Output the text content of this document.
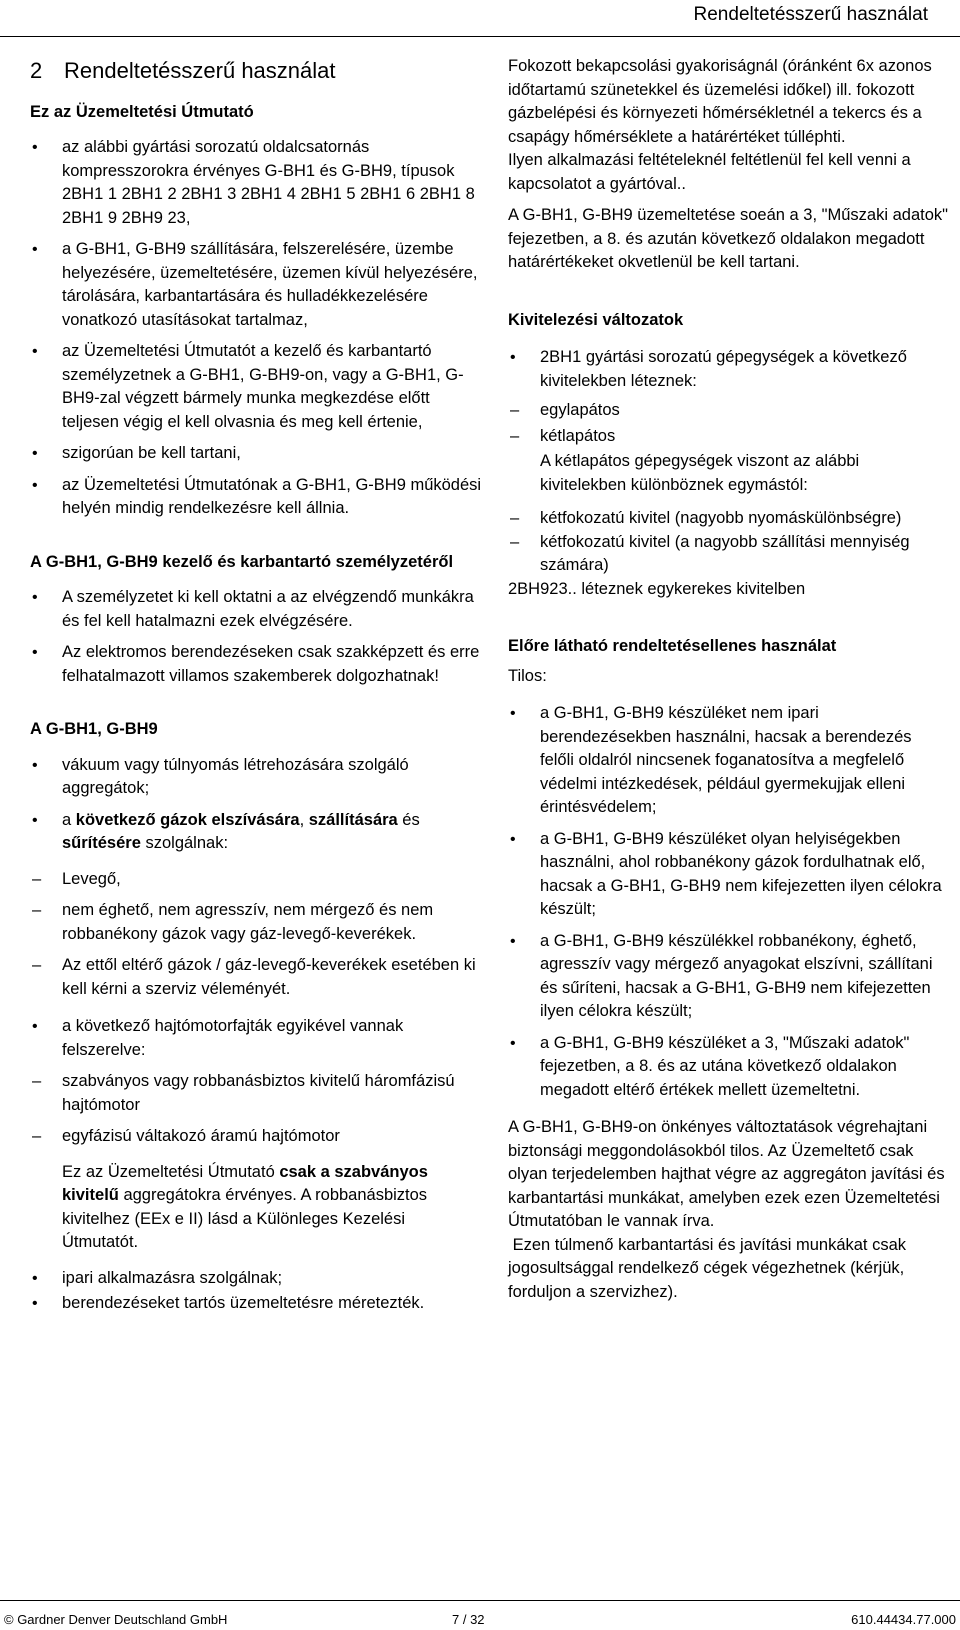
Rendeltetésszerű használat
2 Rendeltetésszerű használat
Ez az Üzemeltetési Útmutató
• az alábbi gyártási sorozatú oldalcsatornás kompresszorokra érvényes G-BH1 és G-BH9, típusok 2BH1 1 2BH1 2 2BH1 3 2BH1 4 2BH1 5 2BH1 6 2BH1 8 2BH1 9 2BH9 23,
• a G-BH1, G-BH9 szállítására, felszerelésére, üzembe helyezésére, üzemeltetésére, üzemen kívül helyezésére, tárolására, karbantartására és hulladékkezelésére vonatkozó utasításokat tartalmaz,
• az Üzemeltetési Útmutatót a kezelő és karbantartó személyzetnek a G-BH1, G-BH9-on, vagy a G-BH1, G-BH9-zal végzett bármely munka megkezdése előtt teljesen végig el kell olvasnia és meg kell értenie,
• szigorúan be kell tartani,
• az Üzemeltetési Útmutatónak a G-BH1, G-BH9 működési helyén mindig rendelkezésre kell állnia.
A G-BH1, G-BH9 kezelő és karbantartó személyzetéről
• A személyzetet ki kell oktatni a az elvégzendő munkákra és fel kell hatalmazni ezek elvégzésére.
• Az elektromos berendezéseken csak szakképzett és erre felhatalmazott villamos szakemberek dolgozhatnak!
A G-BH1, G-BH9
• vákuum vagy túlnyomás létrehozására szolgáló aggregátok;
• a következő gázok elszívására, szállítására és sűrítésére szolgálnak:
– Levegő,
– nem éghető, nem agresszív, nem mérgező és nem robbanékony gázok vagy gáz-levegő-keverékek.
– Az ettől eltérő gázok / gáz-levegő-keverékek esetében ki kell kérni a szerviz véleményét.
• a következő hajtómotorfajták egyikével vannak felszerelve:
– szabványos vagy robbanásbiztos kivitelű háromfázisú hajtómotor
– egyfázisú váltakozó áramú hajtómotor

Ez az Üzemeltetési Útmutató csak a szabványos kivitelű aggregátokra érvényes. A robbanásbiztos kivitelhez (EEx e II) lásd a Különleges Kezelési Útmutatót.

• ipari alkalmazásra szolgálnak;
• berendezéseket tartós üzemeltetésre méretezték.

Fokozott bekapcsolási gyakoriságnál (óránként 6x azonos időtartamú szünetekkel és üzemelési időkel) ill. fokozott gázbelépési és környezeti hőmérsékletnél a tekercs és a csapágy hőmérséklete a határértéket túlléphti.

Ilyen alkalmazási feltételeknél feltétlenül fel kell venni a kapcsolatot a gyártóval..

A G-BH1, G-BH9 üzemeltetése soeán a 3, "Műszaki adatok" fejezetben, a 8. és azután következő oldalakon megadott határértékeket okvetlenül be kell tartani.

Kivitelezési változatok
• 2BH1 gyártási sorozatú gépegységek a következő kivitelekben léteznek:
– egylapátos
– kétlapátos

A kétlapátos gépegységek viszont az alábbi kivitelekben különböznek egymástól:

– kétfokozatú kivitel (nagyobb nyomáskülönbségre)
– kétfokozatú kivitel (a nagyobb szállítási mennyiség számára)

2BH923.. léteznek egykerekes kivitelben

Előre látható rendeltetésellenes használat

Tilos:

• a G-BH1, G-BH9 készüléket nem ipari berendezésekben használni, hacsak a berendezés felőli oldalról nincsenek foganatosítva a megfelelő védelmi intézkedések, például gyermekujjak elleni érintésvédelem;
• a G-BH1, G-BH9 készüléket olyan helyiségekben használni, ahol robbanékony gázok fordulhatnak elő, hacsak a G-BH1, G-BH9 nem kifejezetten ilyen célokra készült;
• a G-BH1, G-BH9 készülékkel robbanékony, éghető, agresszív vagy mérgező anyagokat elszívni, szállítani és sűríteni, hacsak a G-BH1, G-BH9 nem kifejezetten ilyen célokra készült;
• a G-BH1, G-BH9 készüléket a 3, "Műszaki adatok" fejezetben, a 8. és az utána következő oldalakon megadott eltérő értékek mellett üzemeltetni.

A G-BH1, G-BH9-on önkényes változtatások végrehajtani biztonsági meggondolásokból tilos. Az Üzemeltető csak olyan terjedelemben hajthat végre az aggregáton javítási és karbantartási munkákat, amelyben ezek ezen Üzemeltetési Útmutatóban le vannak írva.

Ezen túlmenő karbantartási és javítási munkákat csak jogosultsággal rendelkező cégek végezhetnek (kérjük, forduljon a szervizhez).

© Gardner Denver Deutschland GmbH	7 / 32	610.44434.77.000
